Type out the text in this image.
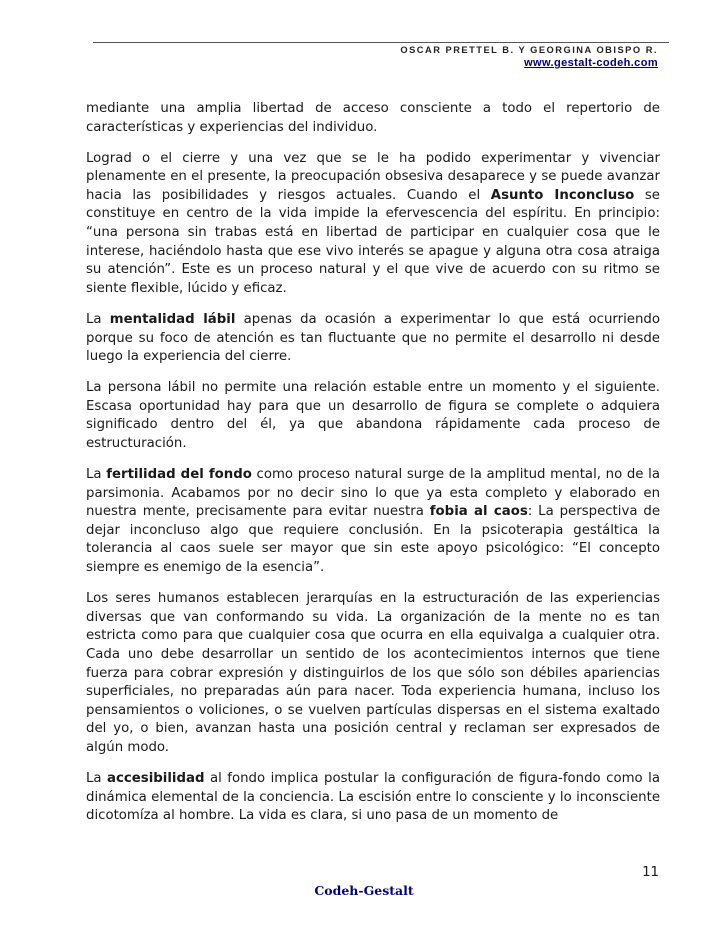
OSCAR PRETTEL B. Y GEORGINA OBISPO R.
www.gestalt-codeh.com

mediante una amplia libertad de acceso consciente a todo el repertorio de características y experiencias del individuo.

Lograd o el cierre y una vez que se le ha podido experimentar y vivenciar plenamente en el presente, la preocupación obsesiva desaparece y se puede avanzar hacia las posibilidades y riesgos actuales. Cuando el Asunto Inconcluso se constituye en centro de la vida impide la efervescencia del espíritu. En principio: “una persona sin trabas está en libertad de participar en cualquier cosa que le interese, haciéndolo hasta que ese vivo interés se apague y alguna otra cosa atraiga su atención”. Este es un proceso natural y el que vive de acuerdo con su ritmo se siente flexible, lúcido y eficaz.

La mentalidad lábil apenas da ocasión a experimentar lo que está ocurriendo porque su foco de atención es tan fluctuante que no permite el desarrollo ni desde luego la experiencia del cierre.

La persona lábil no permite una relación estable entre un momento y el siguiente. Escasa oportunidad hay para que un desarrollo de figura se complete o adquiera significado dentro del él, ya que abandona rápidamente cada proceso de estructuración.

La fertilidad del fondo como proceso natural surge de la amplitud mental, no de la parsimonia. Acabamos por no decir sino lo que ya esta completo y elaborado en nuestra mente, precisamente para evitar nuestra fobia al caos: La perspectiva de dejar inconcluso algo que requiere conclusión. En la psicoterapia gestáltica la tolerancia al caos suele ser mayor que sin este apoyo psicológico: “El concepto siempre es enemigo de la esencia”.

Los seres humanos establecen jerarquías en la estructuración de las experiencias diversas que van conformando su vida. La organización de la mente no es tan estricta como para que cualquier cosa que ocurra en ella equivalga a cualquier otra. Cada uno debe desarrollar un sentido de los acontecimientos internos que tiene fuerza para cobrar expresión y distinguirlos de los que sólo son débiles apariencias superficiales, no preparadas aún para nacer. Toda experiencia humana, incluso los pensamientos o voliciones, o se vuelven partículas dispersas en el sistema exaltado del yo, o bien, avanzan hasta una posición central y reclaman ser expresados de algún modo.

La accesibilidad al fondo implica postular la configuración de figura-fondo como la dinámica elemental de la conciencia. La escisión entre lo consciente y lo inconsciente dicotomíza al hombre. La vida es clara, si uno pasa de un momento de

11
Codeh-Gestalt
